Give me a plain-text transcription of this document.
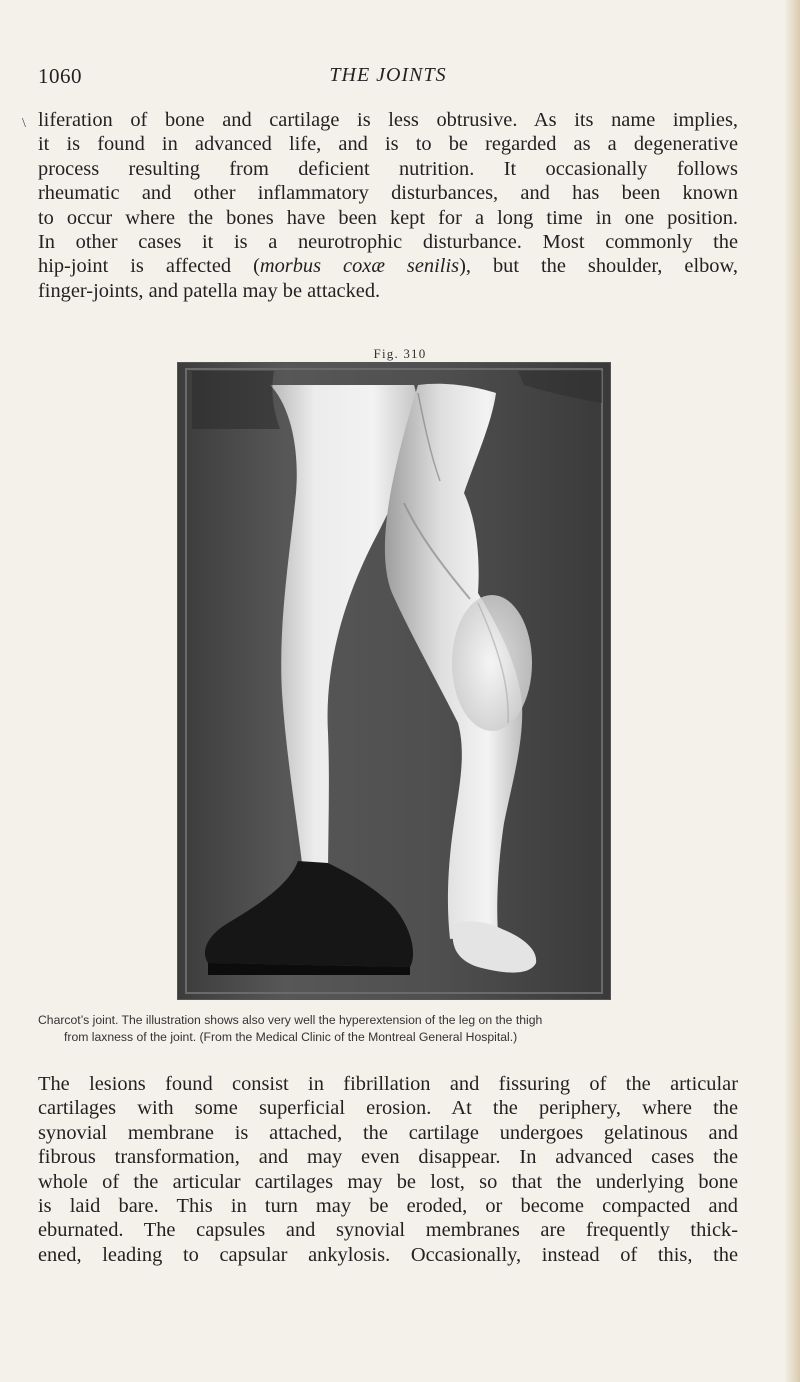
1060	THE JOINTS
\ liferation of bone and cartilage is less obtrusive. As its name implies,
it is found in advanced life, and is to be regarded as a degenerative
process resulting from deficient nutrition. It occasionally follows
rheumatic and other inflammatory disturbances, and has been known
to occur where the bones have been kept for a long time in one position.
In other cases it is a neurotrophic disturbance. Most commonly the
hip-joint is affected (morbus coxæ senilis), but the shoulder, elbow,
finger-joints, and patella may be attacked.

Fig. 310

Charcot’s joint. The illustration shows also very well the hyperextension of the leg on the thigh
from laxness of the joint. (From the Medical Clinic of the Montreal General Hospital.)

The lesions found consist in fibrillation and fissuring of the articular
cartilages with some superficial erosion. At the periphery, where the
synovial membrane is attached, the cartilage undergoes gelatinous and
fibrous transformation, and may even disappear. In advanced cases the
whole of the articular cartilages may be lost, so that the underlying bone
is laid bare. This in turn may be eroded, or become compacted and
eburnated. The capsules and synovial membranes are frequently thick-
ened, leading to capsular ankylosis. Occasionally, instead of this, the
